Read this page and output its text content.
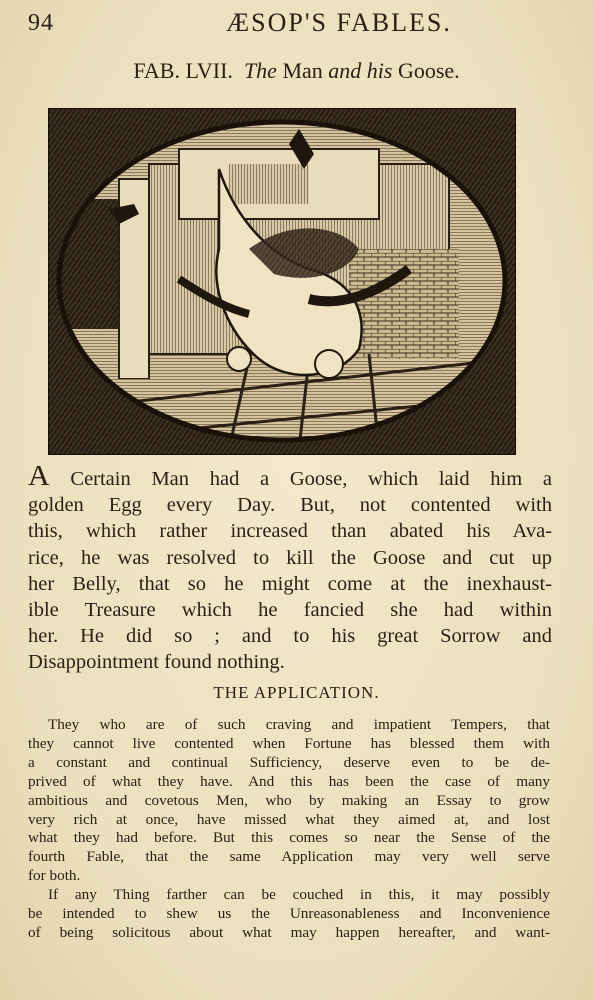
94	ÆSOP'S FABLES.
FAB. LVII. The Man and his Goose.
A Certain Man had a Goose, which laid him a
golden Egg every Day. But, not contented with
this, which rather increased than abated his Ava-
rice, he was resolved to kill the Goose and cut up
her Belly, that so he might come at the inexhaust-
ible Treasure which he fancied she had within
her. He did so ; and to his great Sorrow and
Disappointment found nothing.
THE APPLICATION.
They who are of such craving and impatient Tempers, that
they cannot live contented when Fortune has blessed them with
a constant and continual Sufficiency, deserve even to be de-
prived of what they have. And this has been the case of many
ambitious and covetous Men, who by making an Essay to grow
very rich at once, have missed what they aimed at, and lost
what they had before. But this comes so near the Sense of the
fourth Fable, that the same Application may very well serve
for both.
If any Thing farther can be couched in this, it may possibly
be intended to shew us the Unreasonableness and Inconvenience
of being solicitous about what may happen hereafter, and want-
